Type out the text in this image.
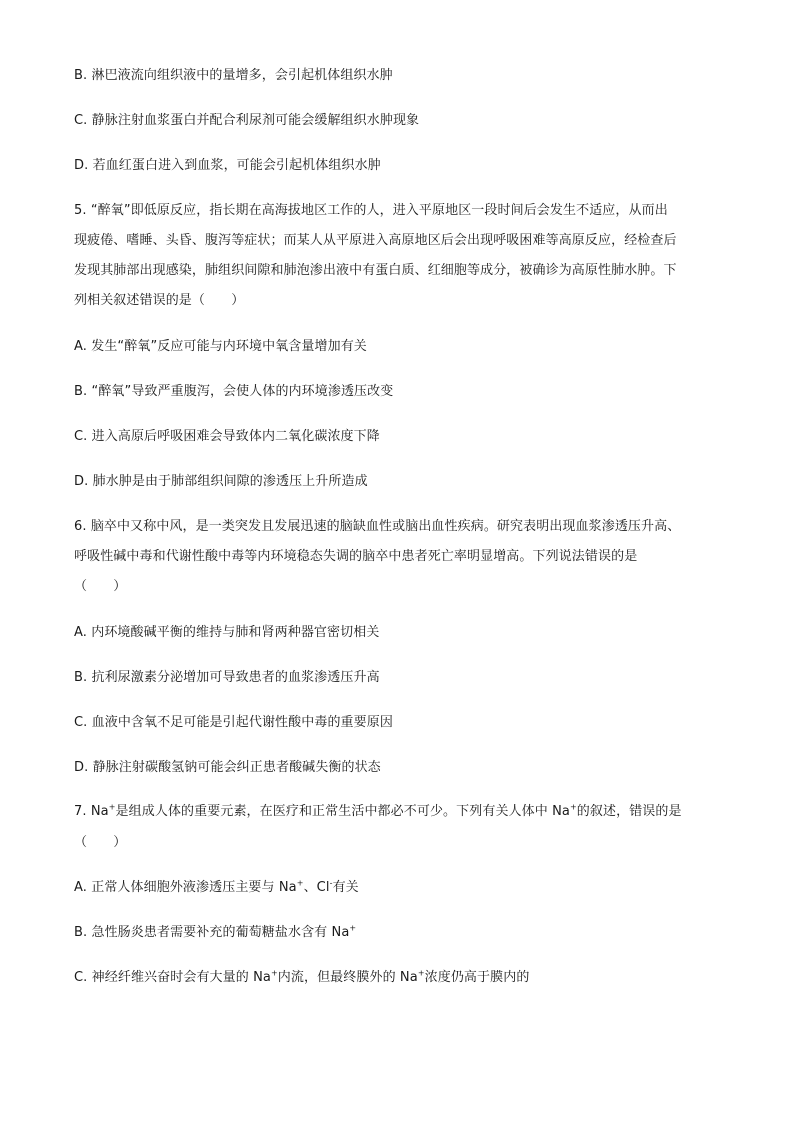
B. 淋巴液流向组织液中的量增多，会引起机体组织水肿
C. 静脉注射血浆蛋白并配合利尿剂可能会缓解组织水肿现象
D. 若血红蛋白进入到血浆，可能会引起机体组织水肿
5. “醉氧”即低原反应，指长期在高海拔地区工作的人，进入平原地区一段时间后会发生不适应，从而出
现疲倦、嗜睡、头昏、腹泻等症状；而某人从平原进入高原地区后会出现呼吸困难等高原反应，经检查后
发现其肺部出现感染，肺组织间隙和肺泡渗出液中有蛋白质、红细胞等成分，被确诊为高原性肺水肿。下
列相关叙述错误的是（　　）
A. 发生“醉氧”反应可能与内环境中氧含量增加有关
B. “醉氧”导致严重腹泻，会使人体的内环境渗透压改变
C. 进入高原后呼吸困难会导致体内二氧化碳浓度下降
D. 肺水肿是由于肺部组织间隙的渗透压上升所造成
6. 脑卒中又称中风，是一类突发且发展迅速的脑缺血性或脑出血性疾病。研究表明出现血浆渗透压升高、
呼吸性碱中毒和代谢性酸中毒等内环境稳态失调的脑卒中患者死亡率明显增高。下列说法错误的是
（　　）
A. 内环境酸碱平衡的维持与肺和肾两种器官密切相关
B. 抗利尿激素分泌增加可导致患者的血浆渗透压升高
C. 血液中含氧不足可能是引起代谢性酸中毒的重要原因
D. 静脉注射碳酸氢钠可能会纠正患者酸碱失衡的状态
7. Na+是组成人体的重要元素，在医疗和正常生活中都必不可少。下列有关人体中 Na+的叙述，错误的是
（　　）
A. 正常人体细胞外液渗透压主要与 Na+、Cl-有关
B. 急性肠炎患者需要补充的葡萄糖盐水含有 Na+
C. 神经纤维兴奋时会有大量的 Na+内流，但最终膜外的 Na+浓度仍高于膜内的
